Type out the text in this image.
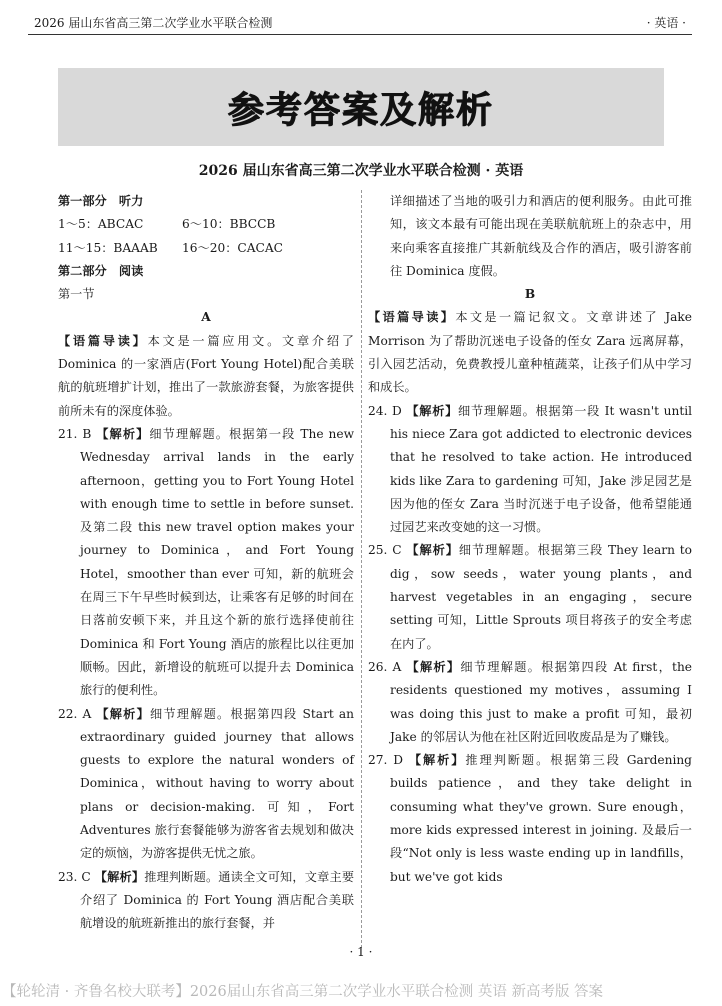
2026 届山东省高三第二次学业水平联合检测	· 英语 ·
参考答案及解析
2026 届山东省高三第二次学业水平联合检测 · 英语
第一部分　听力
1～5：ABCAC	6～10：BBCCB
11～15：BAAAB	16～20：CACAC
第二部分　阅读
第一节
A

【语篇导读】本文是一篇应用文。文章介绍了 Dominica 的一家酒店(Fort Young Hotel)配合美联航的航班增扩计划，推出了一款旅游套餐，为旅客提供前所未有的深度体验。

21. B 【解析】细节理解题。根据第一段 The new Wednesday arrival lands in the early afternoon，getting you to Fort Young Hotel with enough time to settle in before sunset. 及第二段 this new travel option makes your journey to Dominica，and Fort Young Hotel，smoother than ever 可知，新的航班会在周三下午早些时候到达，让乘客有足够的时间在日落前安顿下来，并且这个新的旅行选择使前往 Dominica 和 Fort Young 酒店的旅程比以往更加顺畅。因此，新增设的航班可以提升去 Dominica 旅行的便利性。

22. A 【解析】细节理解题。根据第四段 Start an extraordinary guided journey that allows guests to explore the natural wonders of Dominica，without having to worry about plans or decision-making. 可知，Fort Adventures 旅行套餐能够为游客省去规划和做决定的烦恼，为游客提供无忧之旅。

23. C 【解析】推理判断题。通读全文可知，文章主要介绍了 Dominica 的 Fort Young 酒店配合美联航增设的航班新推出的旅行套餐，并

详细描述了当地的吸引力和酒店的便利服务。由此可推知，该文本最有可能出现在美联航航班上的杂志中，用来向乘客直接推广其新航线及合作的酒店，吸引游客前往 Dominica 度假。

B

【语篇导读】本文是一篇记叙文。文章讲述了 Jake Morrison 为了帮助沉迷电子设备的侄女 Zara 远离屏幕，引入园艺活动，免费教授儿童种植蔬菜，让孩子们从中学习和成长。

24. D 【解析】细节理解题。根据第一段 It wasn't until his niece Zara got addicted to electronic devices that he resolved to take action. He introduced kids like Zara to gardening 可知，Jake 涉足园艺是因为他的侄女 Zara 当时沉迷于电子设备，他希望能通过园艺来改变她的这一习惯。

25. C 【解析】细节理解题。根据第三段 They learn to dig，sow seeds，water young plants，and harvest vegetables in an engaging，secure setting 可知，Little Sprouts 项目将孩子的安全考虑在内了。

26. A 【解析】细节理解题。根据第四段 At first，the residents questioned my motives，assuming I was doing this just to make a profit 可知，最初 Jake 的邻居认为他在社区附近回收废品是为了赚钱。

27. D 【解析】推理判断题。根据第三段 Gardening builds patience，and they take delight in consuming what they've grown. Sure enough，more kids expressed interest in joining. 及最后一段“Not only is less waste ending up in landfills，but we've got kids

· 1 ·
【轮轮清 · 齐鲁名校大联考】2026届山东省高三第二次学业水平联合检测 英语 新高考版 答案
